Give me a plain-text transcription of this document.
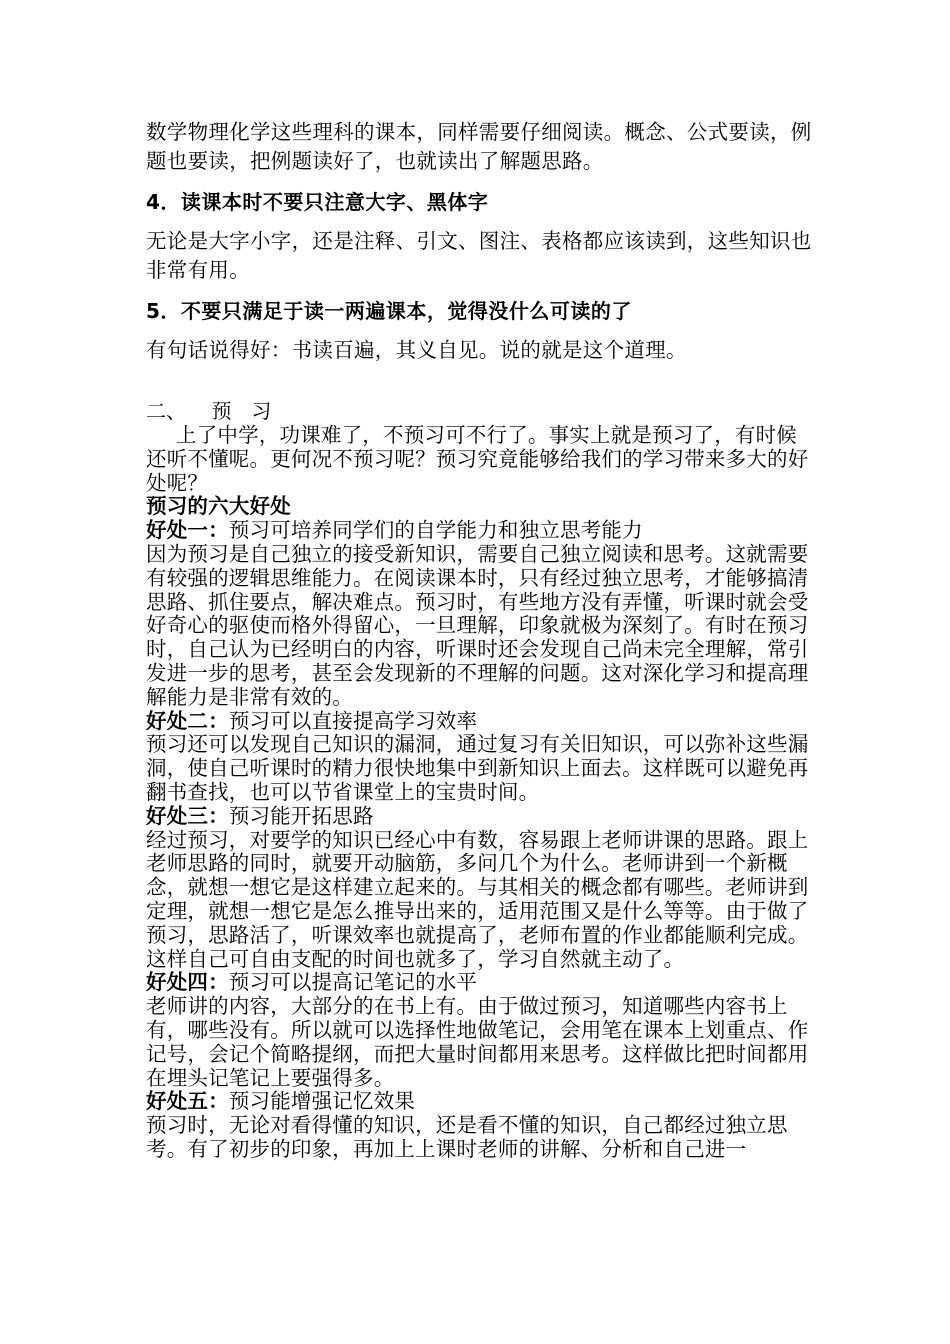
数学物理化学这些理科的课本，同样需要仔细阅读。概念、公式要读，例题也要读，把例题读好了，也就读出了解题思路。

4．读课本时不要只注意大字、黑体字

无论是大字小字，还是注释、引文、图注、表格都应该读到，这些知识也非常有用。

5．不要只满足于读一两遍课本，觉得没什么可读的了

有句话说得好：书读百遍，其义自见。说的就是这个道理。

二、 预　习

上了中学，功课难了，不预习可不行了。事实上就是预习了，有时候还听不懂呢。更何况不预习呢？预习究竟能够给我们的学习带来多大的好处呢？

预习的六大好处

好处一：预习可培养同学们的自学能力和独立思考能力

因为预习是自己独立的接受新知识，需要自己独立阅读和思考。这就需要有较强的逻辑思维能力。在阅读课本时，只有经过独立思考，才能够搞清思路、抓住要点，解决难点。预习时，有些地方没有弄懂，听课时就会受好奇心的驱使而格外得留心，一旦理解，印象就极为深刻了。有时在预习时，自己认为已经明白的内容，听课时还会发现自己尚未完全理解，常引发进一步的思考，甚至会发现新的不理解的问题。这对深化学习和提高理解能力是非常有效的。

好处二：预习可以直接提高学习效率

预习还可以发现自己知识的漏洞，通过复习有关旧知识，可以弥补这些漏洞，使自己听课时的精力很快地集中到新知识上面去。这样既可以避免再翻书查找，也可以节省课堂上的宝贵时间。

好处三：预习能开拓思路

经过预习，对要学的知识已经心中有数，容易跟上老师讲课的思路。跟上老师思路的同时，就要开动脑筋，多问几个为什么。老师讲到一个新概念，就想一想它是这样建立起来的。与其相关的概念都有哪些。老师讲到定理，就想一想它是怎么推导出来的，适用范围又是什么等等。由于做了预习，思路活了，听课效率也就提高了，老师布置的作业都能顺利完成。这样自己可自由支配的时间也就多了，学习自然就主动了。

好处四：预习可以提高记笔记的水平

老师讲的内容，大部分的在书上有。由于做过预习，知道哪些内容书上有，哪些没有。所以就可以选择性地做笔记，会用笔在课本上划重点、作记号，会记个简略提纲，而把大量时间都用来思考。这样做比把时间都用在埋头记笔记上要强得多。

好处五：预习能增强记忆效果

预习时，无论对看得懂的知识，还是看不懂的知识，自己都经过独立思考。有了初步的印象，再加上上课时老师的讲解、分析和自己进一
